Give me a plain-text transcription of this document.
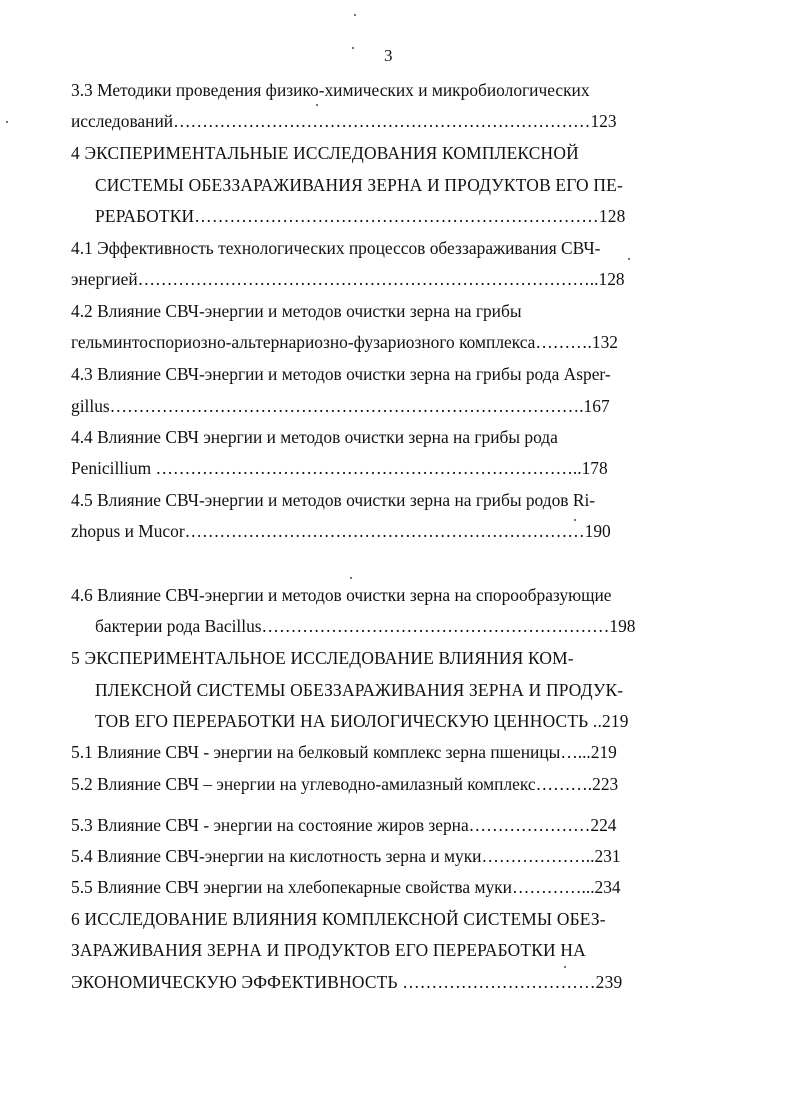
3
3.3 Методики проведения физико-химических и микробиологических
исследований………………………………………………………………123
4 ЭКСПЕРИМЕНТАЛЬНЫЕ ИССЛЕДОВАНИЯ КОМПЛЕКСНОЙ
СИСТЕМЫ ОБЕЗЗАРАЖИВАНИЯ ЗЕРНА И ПРОДУКТОВ ЕГО ПЕ-
РЕРАБОТКИ……………………………………………………………128
4.1 Эффективность технологических процессов обеззараживания СВЧ-
энергией……………………………………………………………………..128
4.2 Влияние СВЧ-энергии и методов очистки зерна на грибы
гельминтоспориозно-альтернариозно-фузариозного комплекса……….132
4.3 Влияние СВЧ-энергии и методов очистки зерна на грибы рода Asper-
gillus……………………………………………………………………….167
4.4 Влияние СВЧ энергии и методов очистки зерна на грибы рода
Penicillium ………………………………………………………………..178
4.5 Влияние СВЧ-энергии и методов очистки зерна на грибы родов Ri-
zhopus и Mucor……………………………………………………………190
4.6 Влияние СВЧ-энергии и методов очистки зерна на спорообразующие
бактерии рода Bacillus……………………………………………………198
5 ЭКСПЕРИМЕНТАЛЬНОЕ ИССЛЕДОВАНИЕ ВЛИЯНИЯ КОМ-
ПЛЕКСНОЙ СИСТЕМЫ ОБЕЗЗАРАЖИВАНИЯ ЗЕРНА И ПРОДУК-
ТОВ ЕГО ПЕРЕРАБОТКИ НА БИОЛОГИЧЕСКУЮ ЦЕННОСТЬ ..219
5.1 Влияние СВЧ - энергии на белковый комплекс зерна пшеницы…...219
5.2 Влияние СВЧ – энергии на углеводно-амилазный комплекс……….223
5.3 Влияние СВЧ - энергии на состояние жиров зерна…………………224
5.4 Влияние СВЧ-энергии на кислотность зерна и муки………………..231
5.5 Влияние СВЧ энергии на хлебопекарные свойства муки…………...234
6 ИССЛЕДОВАНИЕ ВЛИЯНИЯ КОМПЛЕКСНОЙ СИСТЕМЫ ОБЕЗ-
ЗАРАЖИВАНИЯ ЗЕРНА И ПРОДУКТОВ ЕГО ПЕРЕРАБОТКИ НА
ЭКОНОМИЧЕСКУЮ ЭФФЕКТИВНОСТЬ ……………………………239
